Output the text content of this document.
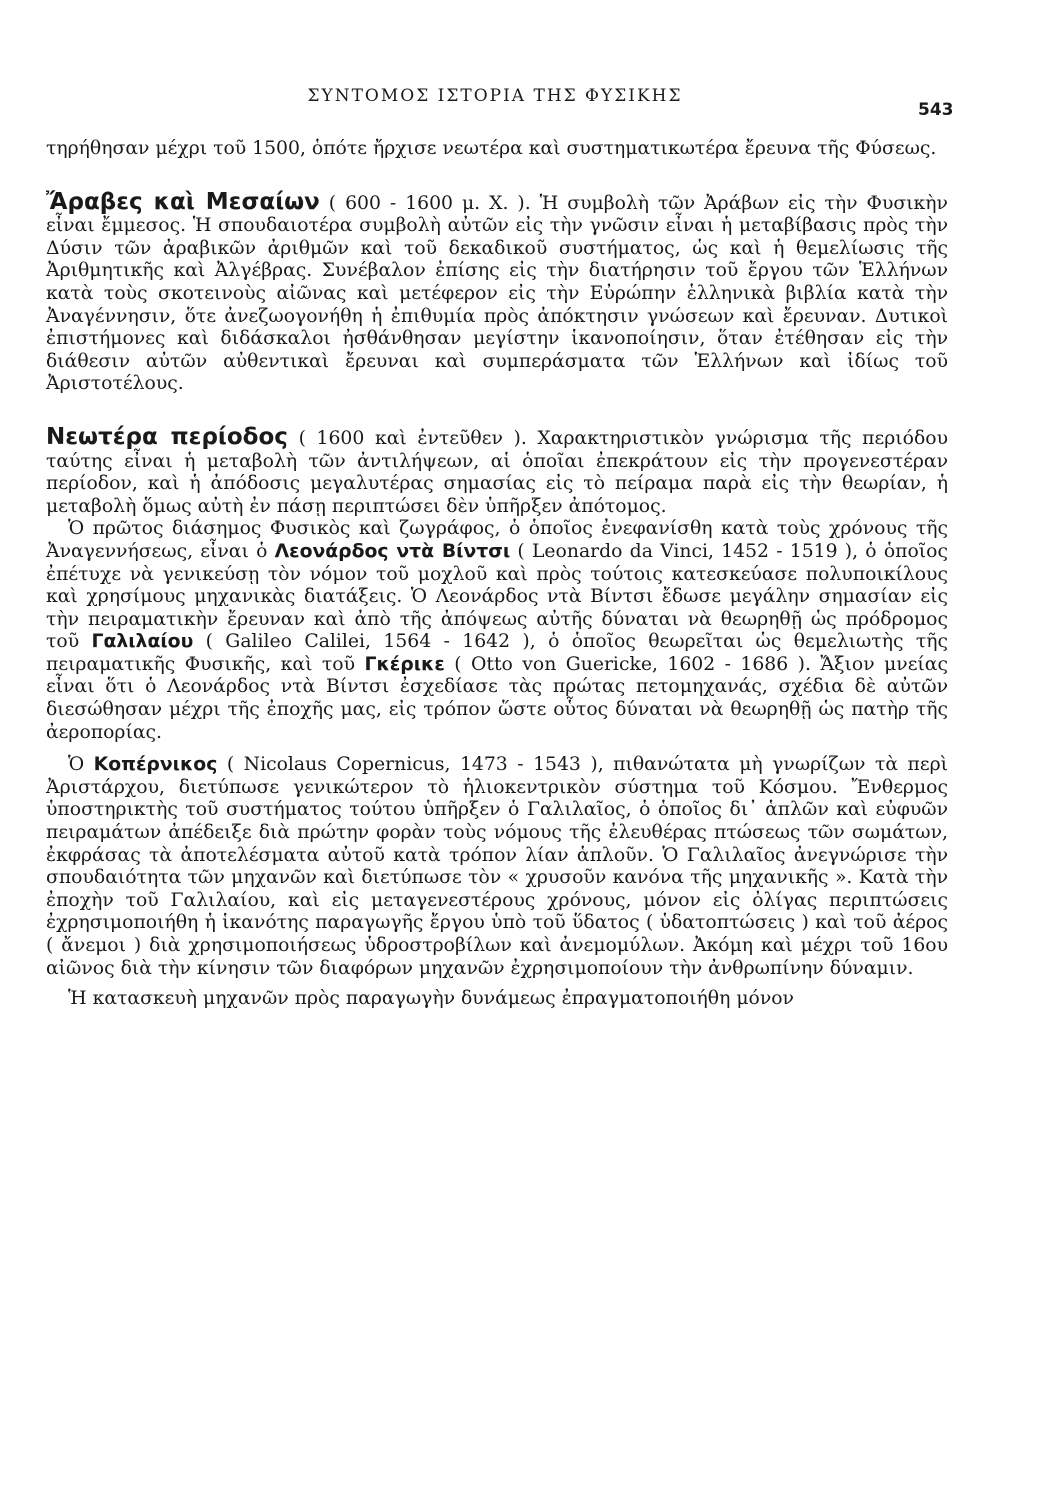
ΣΥΝΤΟΜΟΣ ΙΣΤΟΡΙΑ ΤΗΣ ΦΥΣΙΚΗΣ
543

τηρήθησαν μέχρι τοῦ 1500, ὁπότε ἤρχισε νεωτέρα καὶ συστηματικωτέρα ἔρευνα τῆς Φύσεως.

Ἄραβες καὶ Μεσαίων ( 600 - 1600 μ. Χ. ). Ἡ συμβολὴ τῶν Ἀράβων εἰς τὴν Φυσικὴν εἶναι ἔμμεσος. Ἡ σπουδαιοτέρα συμβολὴ αὐτῶν εἰς τὴν γνῶσιν εἶναι ἡ μεταβίβασις πρὸς τὴν Δύσιν τῶν ἀραβικῶν ἀριθμῶν καὶ τοῦ δεκαδικοῦ συστήματος, ὡς καὶ ἡ θεμελίωσις τῆς Ἀριθμητικῆς καὶ Ἀλγέβρας. Συνέβαλον ἐπίσης εἰς τὴν διατήρησιν τοῦ ἔργου τῶν Ἑλλήνων κατὰ τοὺς σκοτεινοὺς αἰῶνας καὶ μετέφερον εἰς τὴν Εὐρώπην ἑλληνικὰ βιβλία κατὰ τὴν Ἀναγέννησιν, ὅτε ἀνεζωογονήθη ἡ ἐπιθυμία πρὸς ἀπόκτησιν γνώσεων καὶ ἔρευναν. Δυτικοὶ ἐπιστήμονες καὶ διδάσκαλοι ἠσθάνθησαν μεγίστην ἱκανοποίησιν, ὅταν ἐτέθησαν εἰς τὴν διάθεσιν αὐτῶν αὐθεντικαὶ ἔρευναι καὶ συμπεράσματα τῶν Ἑλλήνων καὶ ἰδίως τοῦ Ἀριστοτέλους.

Νεωτέρα περίοδος ( 1600 καὶ ἐντεῦθεν ). Χαρακτηριστικὸν γνώρισμα τῆς περιόδου ταύτης εἶναι ἡ μεταβολὴ τῶν ἀντιλήψεων, αἱ ὁποῖαι ἐπεκράτουν εἰς τὴν προγενεστέραν περίοδον, καὶ ἡ ἀπόδοσις μεγαλυτέρας σημασίας εἰς τὸ πείραμα παρὰ εἰς τὴν θεωρίαν, ἡ μεταβολὴ ὅμως αὐτὴ ἐν πάσῃ περιπτώσει δὲν ὑπῆρξεν ἀπότομος.

Ὁ πρῶτος διάσημος Φυσικὸς καὶ ζωγράφος, ὁ ὁποῖος ἐνεφανίσθη κατὰ τοὺς χρόνους τῆς Ἀναγεννήσεως, εἶναι ὁ Λεονάρδος ντὰ Βίντσι ( Leonardo da Vinci, 1452 - 1519 ), ὁ ὁποῖος ἐπέτυχε νὰ γενικεύσῃ τὸν νόμον τοῦ μοχλοῦ καὶ πρὸς τούτοις κατεσκεύασε πολυποικίλους καὶ χρησίμους μηχανικὰς διατάξεις. Ὁ Λεονάρδος ντὰ Βίντσι ἔδωσε μεγάλην σημασίαν εἰς τὴν πειραματικὴν ἔρευναν καὶ ἀπὸ τῆς ἀπόψεως αὐτῆς δύναται νὰ θεωρηθῇ ὡς πρόδρομος τοῦ Γαλιλαίου ( Galileo Calilei, 1564 - 1642 ), ὁ ὁποῖος θεωρεῖται ὡς θεμελιωτὴς τῆς πειραματικῆς Φυσικῆς, καὶ τοῦ Γκέρικε ( Otto von Guericke, 1602 - 1686 ). Ἄξιον μνείας εἶναι ὅτι ὁ Λεονάρδος ντὰ Βίντσι ἐσχεδίασε τὰς πρώτας πετομηχανάς, σχέδια δὲ αὐτῶν διεσώθησαν μέχρι τῆς ἐποχῆς μας, εἰς τρόπον ὥστε οὗτος δύναται νὰ θεωρηθῇ ὡς πατὴρ τῆς ἀεροπορίας.

Ὁ Κοπέρνικος ( Nicolaus Copernicus, 1473 - 1543 ), πιθανώτατα μὴ γνωρίζων τὰ περὶ Ἀριστάρχου, διετύπωσε γενικώτερον τὸ ἡλιοκεντρικὸν σύστημα τοῦ Κόσμου. Ἔνθερμος ὑποστηρικτὴς τοῦ συστήματος τούτου ὑπῆρξεν ὁ Γαλιλαῖος, ὁ ὁποῖος δι᾽ ἁπλῶν καὶ εὐφυῶν πειραμάτων ἀπέδειξε διὰ πρώτην φορὰν τοὺς νόμους τῆς ἐλευθέρας πτώσεως τῶν σωμάτων, ἐκφράσας τὰ ἀποτελέσματα αὐτοῦ κατὰ τρόπον λίαν ἁπλοῦν. Ὁ Γαλιλαῖος ἀνεγνώρισε τὴν σπουδαιότητα τῶν μηχανῶν καὶ διετύπωσε τὸν « χρυσοῦν κανόνα τῆς μηχανικῆς ». Κατὰ τὴν ἐποχὴν τοῦ Γαλιλαίου, καὶ εἰς μεταγενεστέρους χρόνους, μόνον εἰς ὀλίγας περιπτώσεις ἐχρησιμοποιήθη ἡ ἱκανότης παραγωγῆς ἔργου ὑπὸ τοῦ ὕδατος ( ὑδατοπτώσεις ) καὶ τοῦ ἀέρος ( ἄνεμοι ) διὰ χρησιμοποιήσεως ὑδροστροβίλων καὶ ἀνεμομύλων. Ἀκόμη καὶ μέχρι τοῦ 16ου αἰῶνος διὰ τὴν κίνησιν τῶν διαφόρων μηχανῶν ἐχρησιμοποίουν τὴν ἀνθρωπίνην δύναμιν.

Ἡ κατασκευὴ μηχανῶν πρὸς παραγωγὴν δυνάμεως ἐπραγματοποιήθη μόνον
